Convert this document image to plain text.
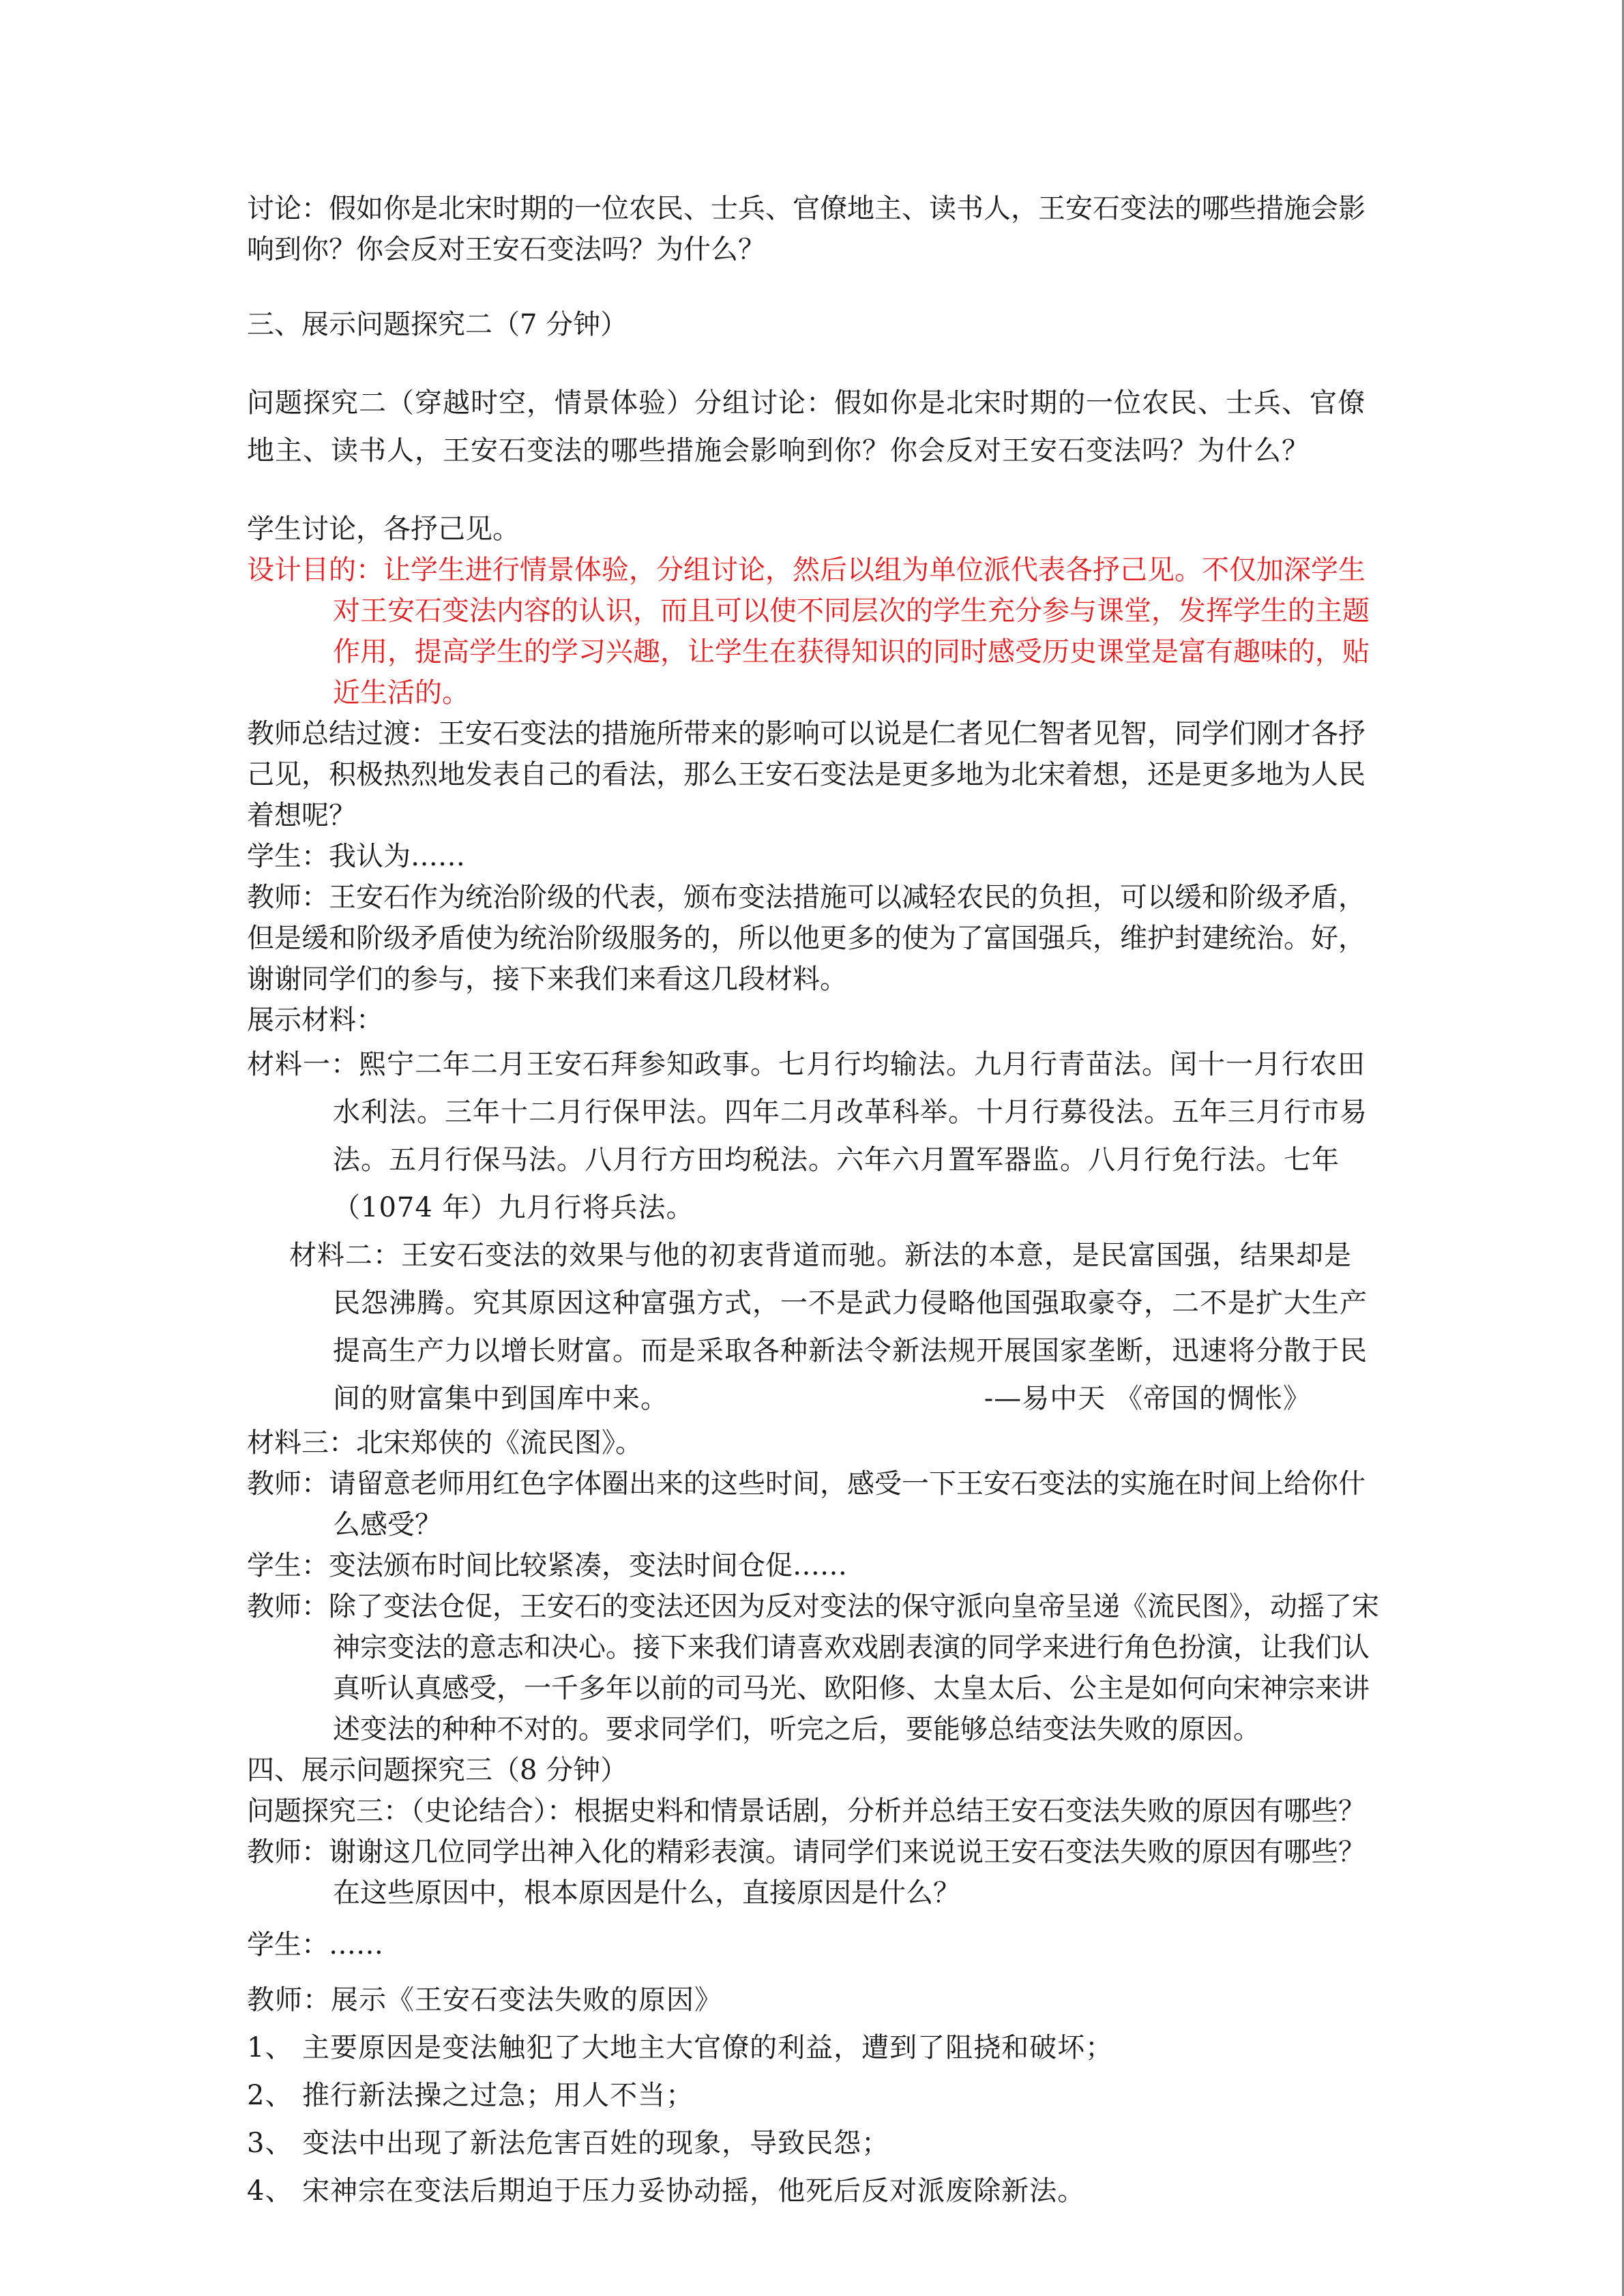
讨论：假如你是北宋时期的一位农民、士兵、官僚地主、读书人，王安石变法的哪些措施会影响到你？你会反对王安石变法吗？为什么？

三、展示问题探究二（7 分钟）

问题探究二（穿越时空，情景体验）分组讨论：假如你是北宋时期的一位农民、士兵、官僚地主、读书人，王安石变法的哪些措施会影响到你？你会反对王安石变法吗？为什么？

学生讨论，各抒己见。

设计目的：让学生进行情景体验，分组讨论，然后以组为单位派代表各抒己见。不仅加深学生对王安石变法内容的认识，而且可以使不同层次的学生充分参与课堂，发挥学生的主题作用，提高学生的学习兴趣，让学生在获得知识的同时感受历史课堂是富有趣味的，贴近生活的。

教师总结过渡：王安石变法的措施所带来的影响可以说是仁者见仁智者见智，同学们刚才各抒己见，积极热烈地发表自己的看法，那么王安石变法是更多地为北宋着想，还是更多地为人民着想呢？

学生：我认为……

教师：王安石作为统治阶级的代表，颁布变法措施可以减轻农民的负担，可以缓和阶级矛盾，但是缓和阶级矛盾使为统治阶级服务的，所以他更多的使为了富国强兵，维护封建统治。好，谢谢同学们的参与，接下来我们来看这几段材料。

展示材料：

材料一：熙宁二年二月王安石拜参知政事。七月行均输法。九月行青苗法。闰十一月行农田水利法。三年十二月行保甲法。四年二月改革科举。十月行募役法。五年三月行市易法。五月行保马法。八月行方田均税法。六年六月置军器监。八月行免行法。七年（1074 年）九月行将兵法。

材料二：王安石变法的效果与他的初衷背道而驰。新法的本意，是民富国强，结果却是民怨沸腾。究其原因这种富强方式，一不是武力侵略他国强取豪夺，二不是扩大生产提高生产力以增长财富。而是采取各种新法令新法规开展国家垄断，迅速将分散于民间的财富集中到国库中来。	-—易中天 《帝国的惆怅》

材料三：北宋郑侠的《流民图》。

教师：请留意老师用红色字体圈出来的这些时间，感受一下王安石变法的实施在时间上给你什么感受？

学生：变法颁布时间比较紧凑，变法时间仓促……

教师：除了变法仓促，王安石的变法还因为反对变法的保守派向皇帝呈递《流民图》，动摇了宋神宗变法的意志和决心。接下来我们请喜欢戏剧表演的同学来进行角色扮演，让我们认真听认真感受，一千多年以前的司马光、欧阳修、太皇太后、公主是如何向宋神宗来讲述变法的种种不对的。要求同学们，听完之后，要能够总结变法失败的原因。

四、展示问题探究三（8 分钟）

问题探究三：（史论结合）：根据史料和情景话剧，分析并总结王安石变法失败的原因有哪些？

教师：谢谢这几位同学出神入化的精彩表演。请同学们来说说王安石变法失败的原因有哪些？在这些原因中，根本原因是什么，直接原因是什么？

学生：……

教师：展示《王安石变法失败的原因》

1、 主要原因是变法触犯了大地主大官僚的利益，遭到了阻挠和破坏；

2、 推行新法操之过急；用人不当；

3、 变法中出现了新法危害百姓的现象，导致民怨；

4、 宋神宗在变法后期迫于压力妥协动摇，他死后反对派废除新法。
